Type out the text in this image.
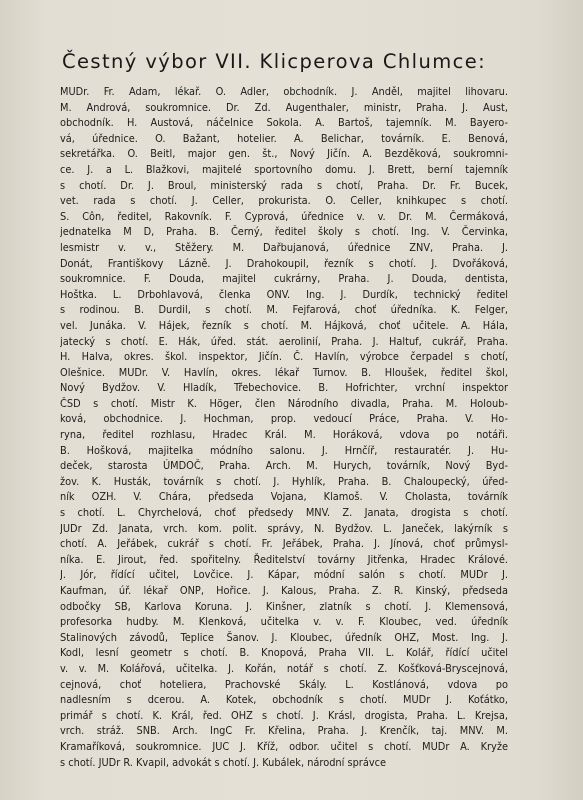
Čestný výbor VII. Klicperova Chlumce:
MUDr. Fr. Adam, lékař. O. Adler, obchodník. J. Anděl, majitel lihovaru.
M. Andrová, soukromnice. Dr. Zd. Augenthaler, ministr, Praha. J. Aust,
obchodník. H. Austová, náčelnice Sokola. A. Bartoš, tajemník. M. Bayero-
vá, úřednice. O. Bažant, hotelier. A. Belichar, továrník. E. Benová,
sekretářka. O. Beitl, major gen. št., Nový Jičín. A. Bezděková, soukromni-
ce. J. a L. Blažkovi, majitelé sportovního domu. J. Brett, berní tajemník
s chotí. Dr. J. Broul, ministerský rada s chotí, Praha. Dr. Fr. Bucek,
vet. rada s chotí. J. Celler, prokurista. O. Celler, knihkupec s chotí.
S. Côn, ředitel, Rakovník. F. Cyprová, úřednice v. v. Dr. M. Čermáková,
jednatelka M D, Praha. B. Černý, ředitel školy s chotí. Ing. V. Červinka,
lesmistr v. v., Stěžery. M. Dařbujanová, úřednice ZNV, Praha. J.
Donát, Františkovy Lázně. J. Drahokoupil, řezník s chotí. J. Dvořáková,
soukromnice. F. Douda, majitel cukrárny, Praha. J. Douda, dentista,
Hoštka. L. Drbohlavová, členka ONV. Ing. J. Durdík, technický ředitel
s rodinou. B. Durdil, s chotí. M. Fejfarová, choť úředníka. K. Felger,
vel. Junáka. V. Hájek, řezník s chotí. M. Hájková, choť učitele. A. Hála,
jatecký s chotí. E. Hák, úřed. stát. aerolinií, Praha. J. Haltuf, cukrář, Praha.
H. Halva, okres. škol. inspektor, Jičín. Č. Havlín, výrobce čerpadel s chotí,
Olešnice. MUDr. V. Havlín, okres. lékař Turnov. B. Hloušek, ředitel škol,
Nový Bydžov. V. Hladík, Třebechovice. B. Hofrichter, vrchní inspektor
ČSD s chotí. Mistr K. Höger, člen Národního divadla, Praha. M. Holoub-
ková, obchodnice. J. Hochman, prop. vedoucí Práce, Praha. V. Ho-
ryna, ředitel rozhlasu, Hradec Král. M. Horáková, vdova po notáři.
B. Hošková, majitelka módního salonu. J. Hrnčíř, restauratér. J. Hu-
deček, starosta ÚMDOČ, Praha. Arch. M. Hurych, továrník, Nový Byd-
žov. K. Husták, továrník s chotí. J. Hyhlík, Praha. B. Chaloupecký, úřed-
ník OZH. V. Chára, předseda Vojana, Klamoš. V. Cholasta, továrník
s chotí. L. Chyrchelová, choť předsedy MNV. Z. Janata, drogista s chotí.
JUDr Zd. Janata, vrch. kom. polit. správy, N. Bydžov. L. Janeček, lakýrník s
chotí. A. Jeřábek, cukrář s chotí. Fr. Jeřábek, Praha. J. Jínová, choť průmysl-
níka. E. Jirout, řed. spořitelny. Ředitelství továrny Jitřenka, Hradec Králové.
J. Jór, řídící učitel, Lovčice. J. Kápar, módní salón s chotí. MUDr J.
Kaufman, úř. lékař ONP, Hořice. J. Kalous, Praha. Z. R. Kinský, předseda
odbočky SB, Karlova Koruna. J. Kinšner, zlatník s chotí. J. Klemensová,
profesorka hudby. M. Klenková, učitelka v. v. F. Kloubec, ved. úředník
Stalinových závodů, Teplice Šanov. J. Kloubec, úředník OHZ, Most. Ing. J.
Kodl, lesní geometr s chotí. B. Knopová, Praha VII. L. Kolář, řídící učitel
v. v. M. Kolářová, učitelka. J. Kořán, notář s chotí. Z. Košťková-Bryscejnová,
cejnová, choť hoteliera, Prachovské Skály. L. Kostlánová, vdova po
nadlesním s dcerou. A. Kotek, obchodník s chotí. MUDr J. Koťátko,
primář s chotí. K. Král, řed. OHZ s chotí. J. Krásl, drogista, Praha. L. Krejsa,
vrch. stráž. SNB. Arch. IngC Fr. Křelina, Praha. J. Krenčík, taj. MNV. M.
Kramaříková, soukromnice. JUC J. Kříž, odbor. učitel s chotí. MUDr A. Kryže
s chotí. JUDr R. Kvapil, advokát s chotí. J. Kubálek, národní správce
